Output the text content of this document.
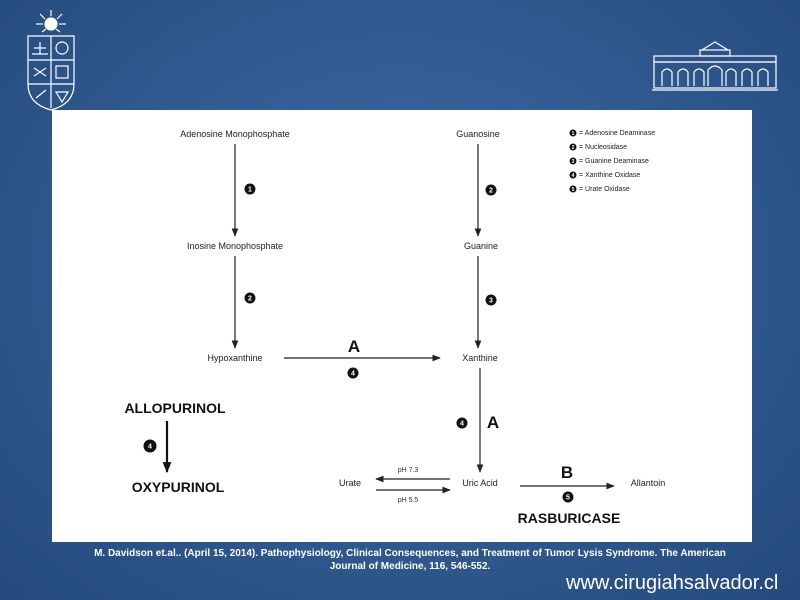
Adenosine Monophosphate
Inosine Monophosphate
Hypoxanthine
Guanosine
Guanine
Xanthine
Uric Acid
Urate	Allantoin
pH 7.3
pH 5.5
ALLOPURINOL
OXYPURINOL
RASBURICASE
A
A
B
1
2
4
2
3
4
4
5
1 = Adenosine Deaminase
2 = Nucleosidase
3 = Guanine Deaminase
4 = Xanthine Oxidase
5 = Urate Oxidase
M. Davidson et.al.. (April 15, 2014). Pathophysiology, Clinical Consequences, and Treatment of Tumor Lysis Syndrome. The American
Journal of Medicine, 116, 546-552.
www.cirugiahsalvador.cl
